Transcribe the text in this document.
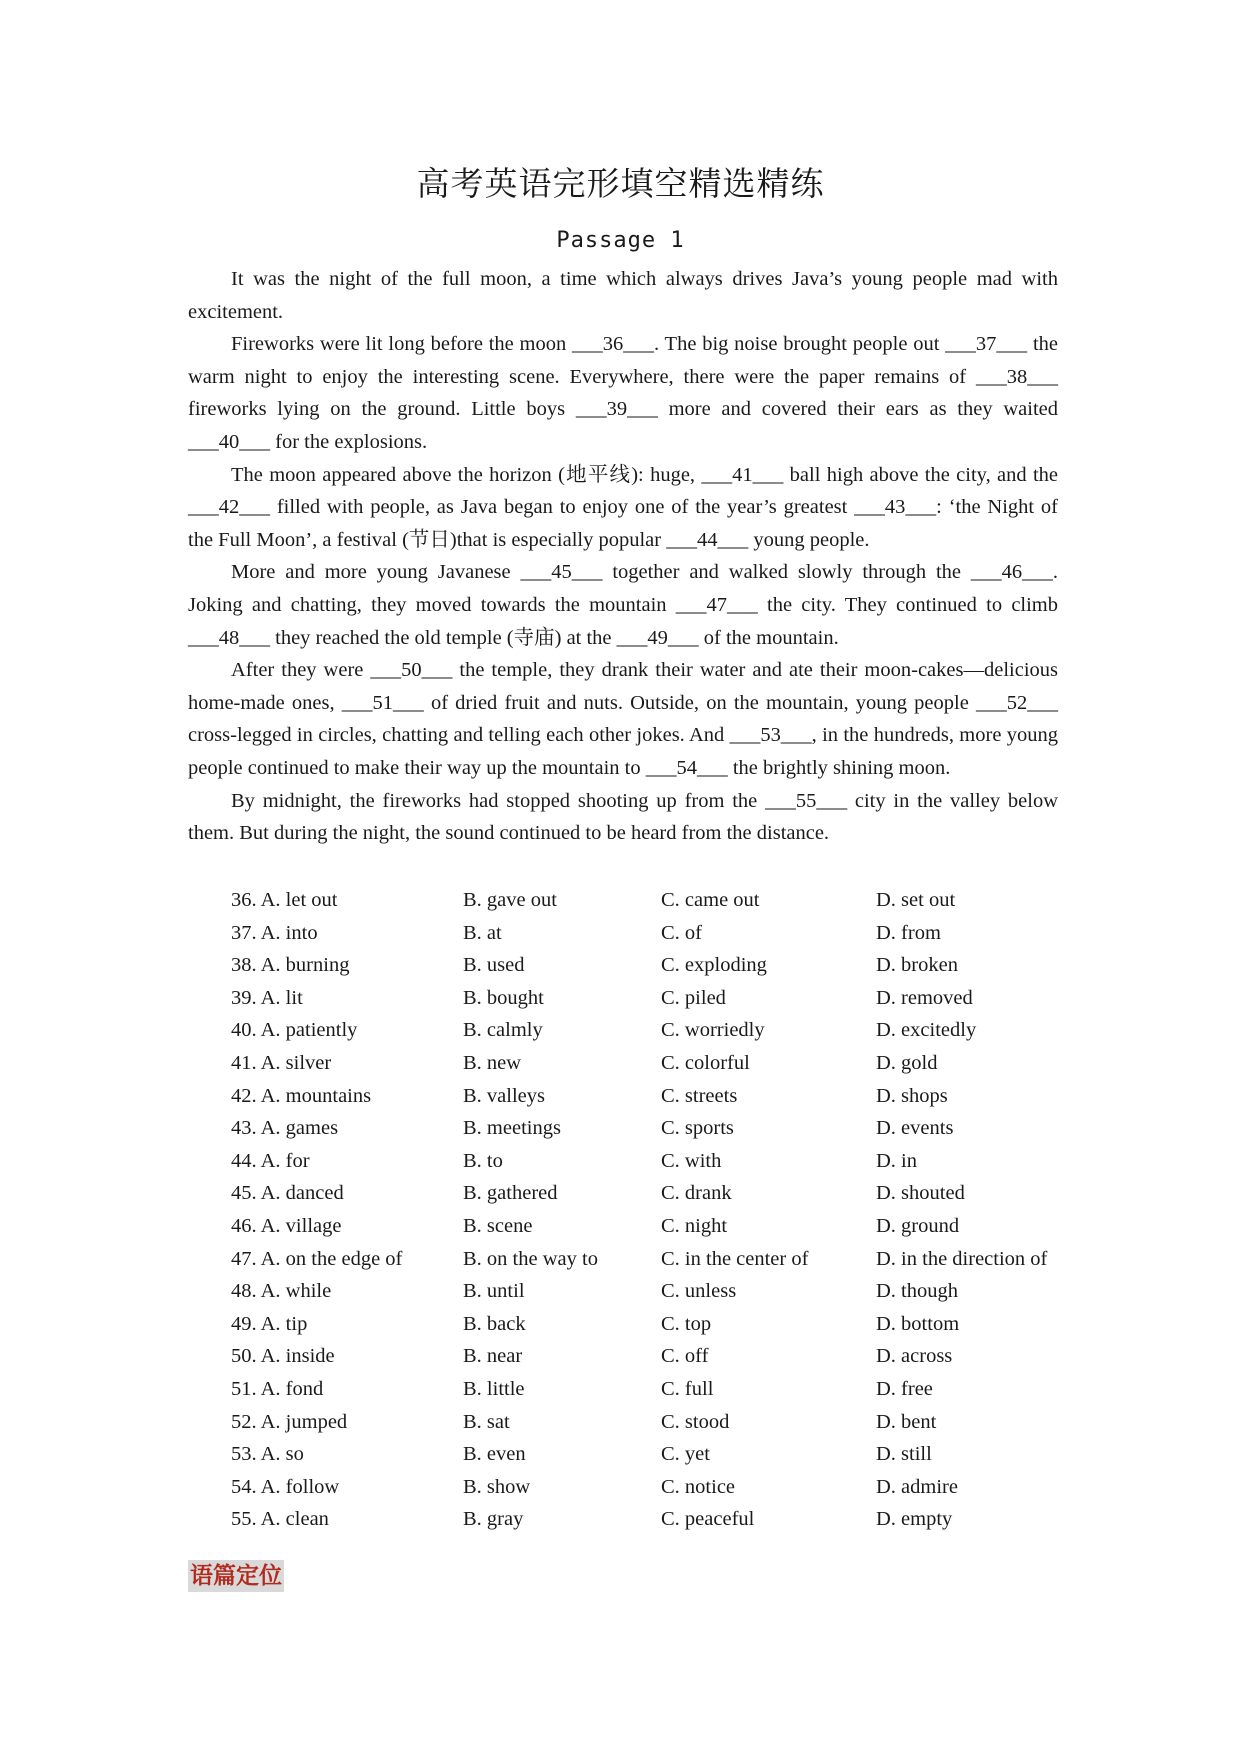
高考英语完形填空精选精练
Passage 1

It was the night of the full moon, a time which always drives Java’s young people mad with excitement.

Fireworks were lit long before the moon ___36___. The big noise brought people out ___37___ the warm night to enjoy the interesting scene. Everywhere, there were the paper remains of ___38___ fireworks lying on the ground. Little boys ___39___ more and covered their ears as they waited ___40___ for the explosions.

The moon appeared above the horizon (地平线): huge, ___41___ ball high above the city, and the ___42___ filled with people, as Java began to enjoy one of the year’s greatest ___43___: ‘the Night of the Full Moon’, a festival (节日)that is especially popular ___44___ young people.

More and more young Javanese ___45___ together and walked slowly through the ___46___. Joking and chatting, they moved towards the mountain ___47___ the city. They continued to climb ___48___ they reached the old temple (寺庙) at the ___49___ of the mountain.

After they were ___50___ the temple, they drank their water and ate their moon-cakes—delicious home-made ones, ___51___ of dried fruit and nuts. Outside, on the mountain, young people ___52___ cross-legged in circles, chatting and telling each other jokes. And ___53___, in the hundreds, more young people continued to make their way up the mountain to ___54___ the brightly shining moon.

By midnight, the fireworks had stopped shooting up from the ___55___ city in the valley below them. But during the night, the sound continued to be heard from the distance.

36. A. let out	B. gave out	C. came out	D. set out
37. A. into	B. at	C. of	D. from
38. A. burning	B. used	C. exploding	D. broken
39. A. lit	B. bought	C. piled	D. removed
40. A. patiently	B. calmly	C. worriedly	D. excitedly
41. A. silver	B. new	C. colorful	D. gold
42. A. mountains	B. valleys	C. streets	D. shops
43. A. games	B. meetings	C. sports	D. events
44. A. for	B. to	C. with	D. in
45. A. danced	B. gathered	C. drank	D. shouted
46. A. village	B. scene	C. night	D. ground
47. A. on the edge of	B. on the way to	C. in the center of	D. in the direction of
48. A. while	B. until	C. unless	D. though
49. A. tip	B. back	C. top	D. bottom
50. A. inside	B. near	C. off	D. across
51. A. fond	B. little	C. full	D. free
52. A. jumped	B. sat	C. stood	D. bent
53. A. so	B. even	C. yet	D. still
54. A. follow	B. show	C. notice	D. admire
55. A. clean	B. gray	C. peaceful	D. empty
语篇定位
